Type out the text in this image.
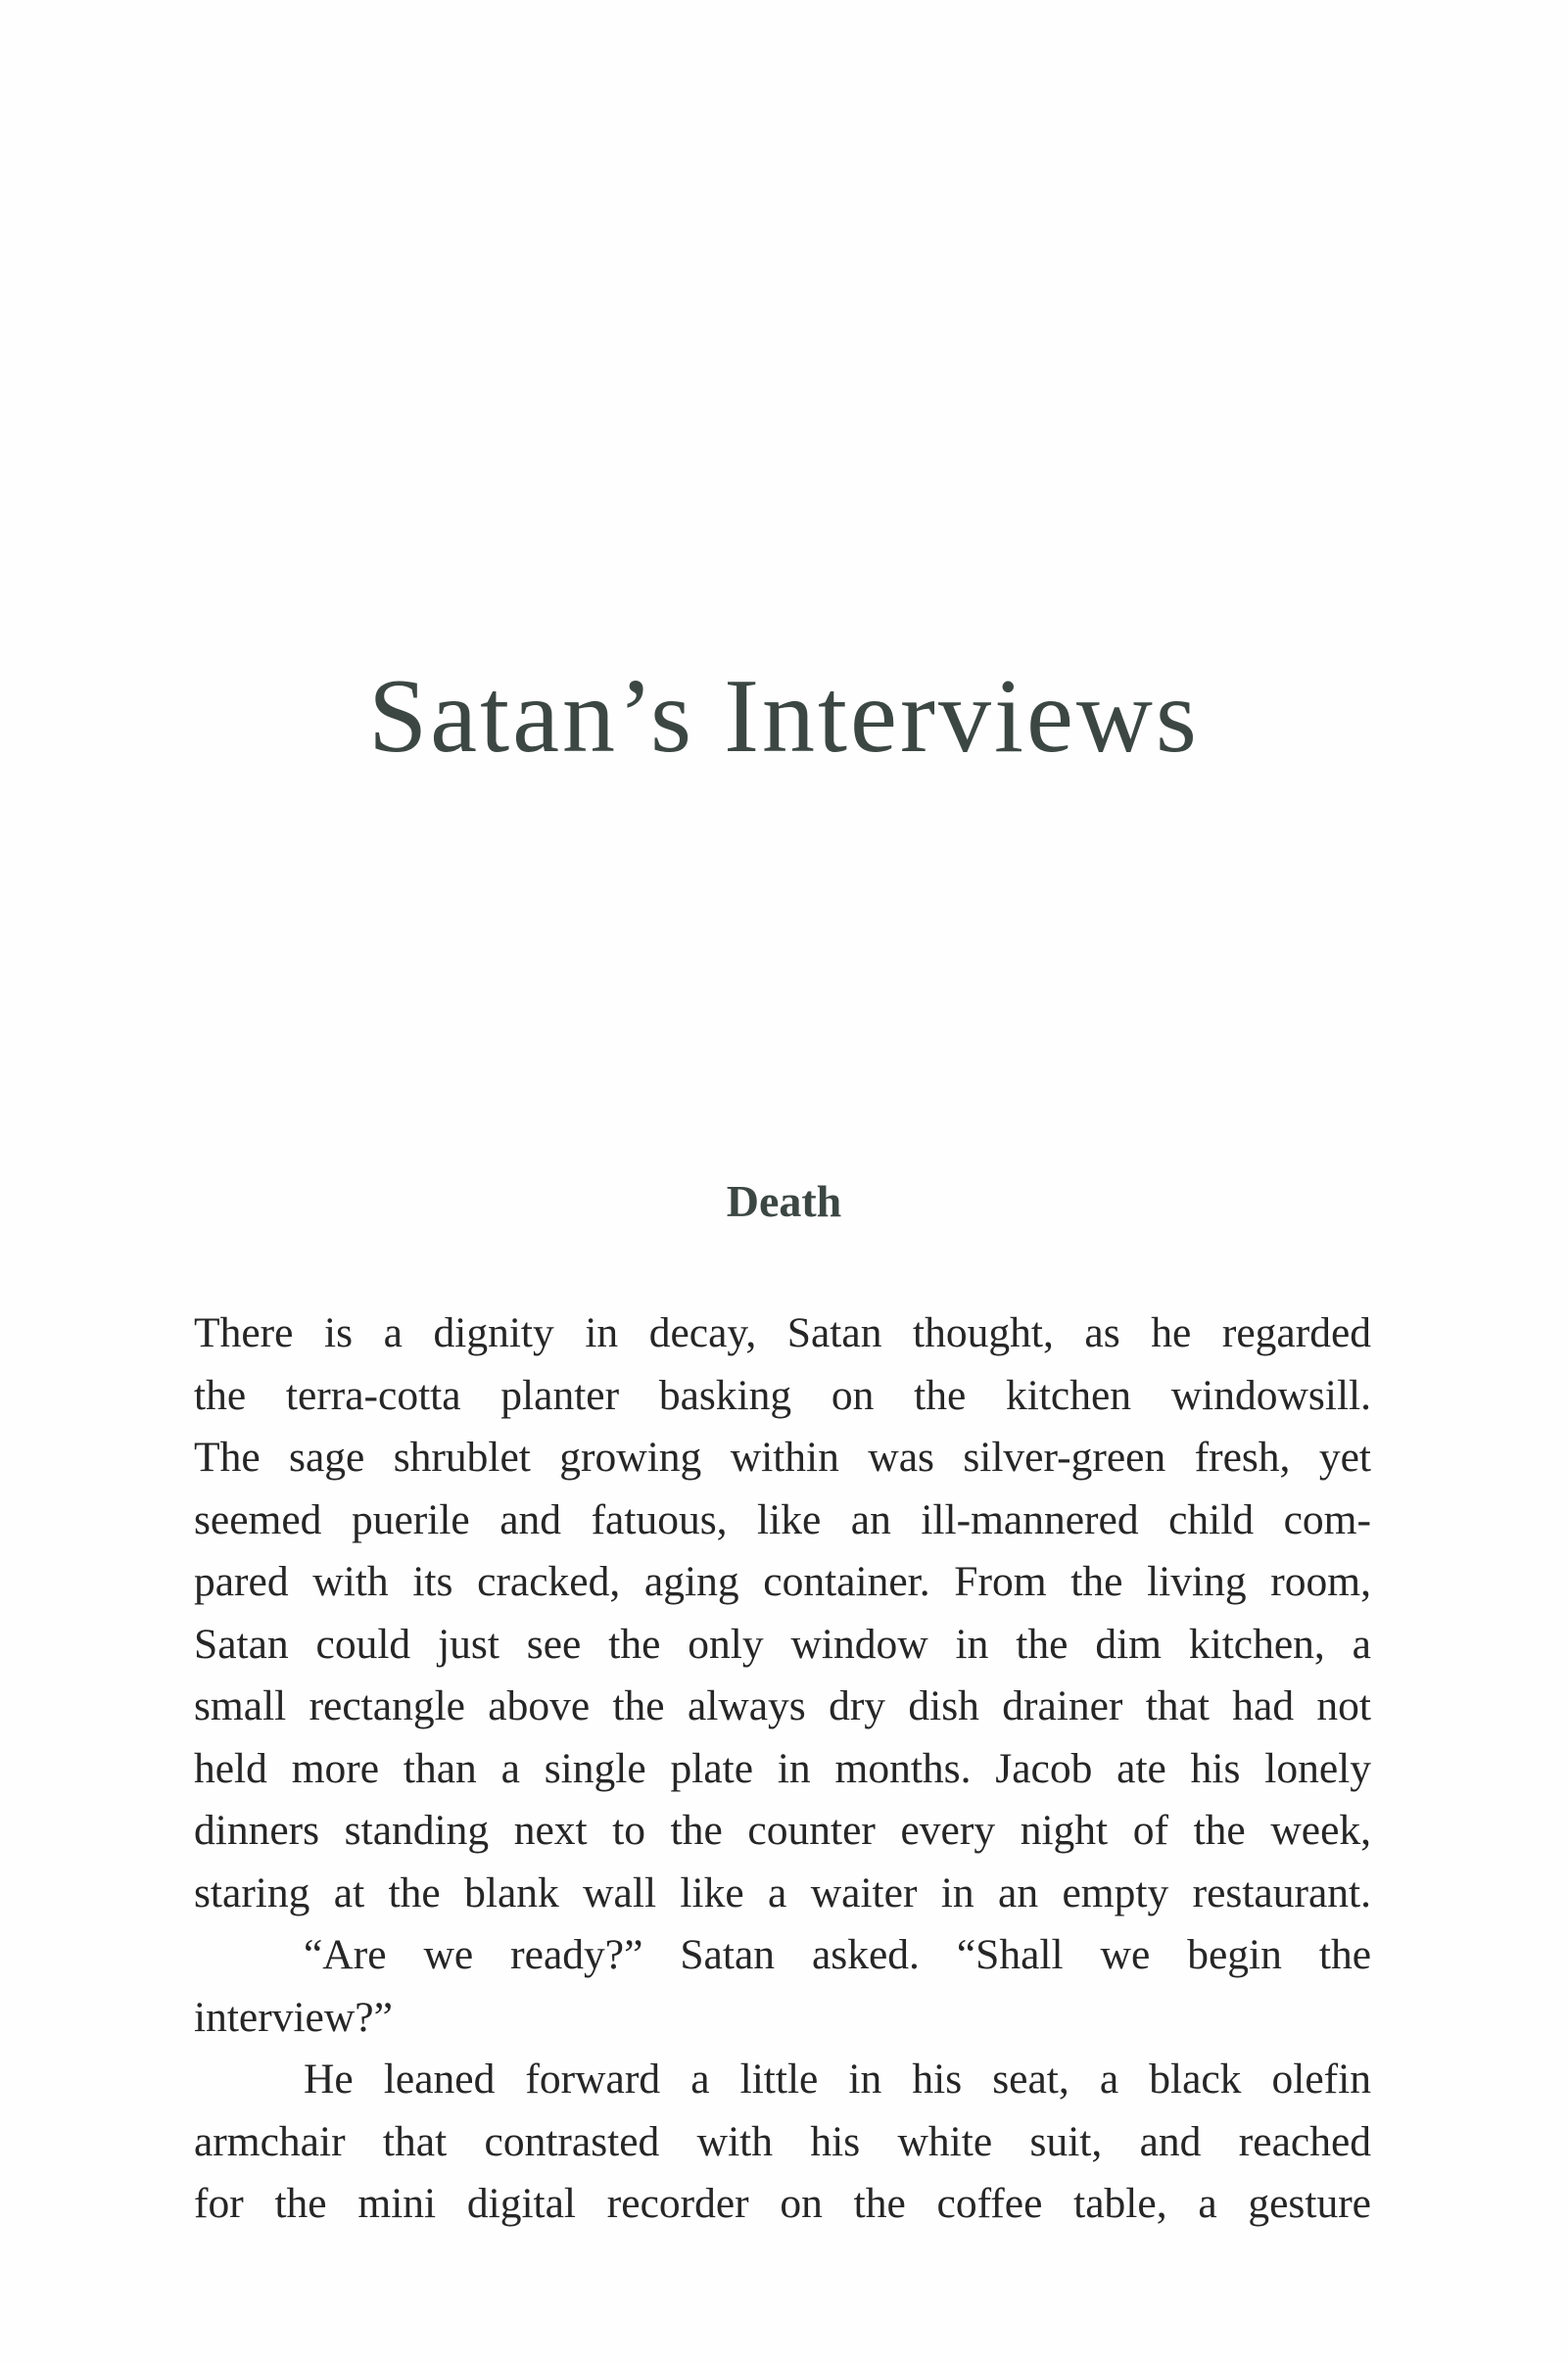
Satan’s Interviews
Death

There is a dignity in decay, Satan thought, as he regarded
the terra-cotta planter basking on the kitchen windowsill.
The sage shrublet growing within was silver-green fresh, yet
seemed puerile and fatuous, like an ill-mannered child com-
pared with its cracked, aging container. From the living room,
Satan could just see the only window in the dim kitchen, a
small rectangle above the always dry dish drainer that had not
held more than a single plate in months. Jacob ate his lonely
dinners standing next to the counter every night of the week,
staring at the blank wall like a waiter in an empty restaurant.

“Are we ready?” Satan asked. “Shall we begin the
interview?”

He leaned forward a little in his seat, a black olefin
armchair that contrasted with his white suit, and reached
for the mini digital recorder on the coffee table, a gesture
